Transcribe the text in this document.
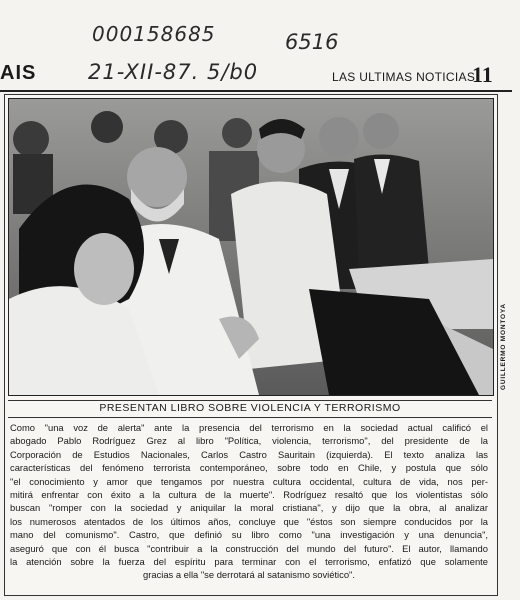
000158685	6516
21-XII-87. 5/b0
AIS	LAS ULTIMAS NOTICIAS
11
GUILLERMO MONTOYA
PRESENTAN LIBRO SOBRE VIOLENCIA Y TERRORISMO
Como "una voz de alerta" ante la presencia del terrorismo en la sociedad actual calificó el
abogado Pablo Rodríguez Grez al libro "Política, violencia, terrorismo", del presidente de la
Corporación de Estudios Nacionales, Carlos Castro Sauritain (izquierda). El texto analiza las
características del fenómeno terrorista contemporáneo, sobre todo en Chile, y postula que sólo
"el conocimiento y amor que tengamos por nuestra cultura occidental, cultura de vida, nos per-
mitirá enfrentar con éxito a la cultura de la muerte". Rodríguez resaltó que los violentistas sólo
buscan "romper con la sociedad y aniquilar la moral cristiana", y dijo que la obra, al analizar
los numerosos atentados de los últimos años, concluye que "éstos son siempre conducidos por la
mano del comunismo". Castro, que definió su libro como "una investigación y una denuncia",
aseguró que con él busca "contribuir a la construcción del mundo del futuro". El autor, llamando
la atención sobre la fuerza del espíritu para terminar con el terrorismo, enfatizó que solamente
gracias a ella "se derrotará al satanismo soviético".
